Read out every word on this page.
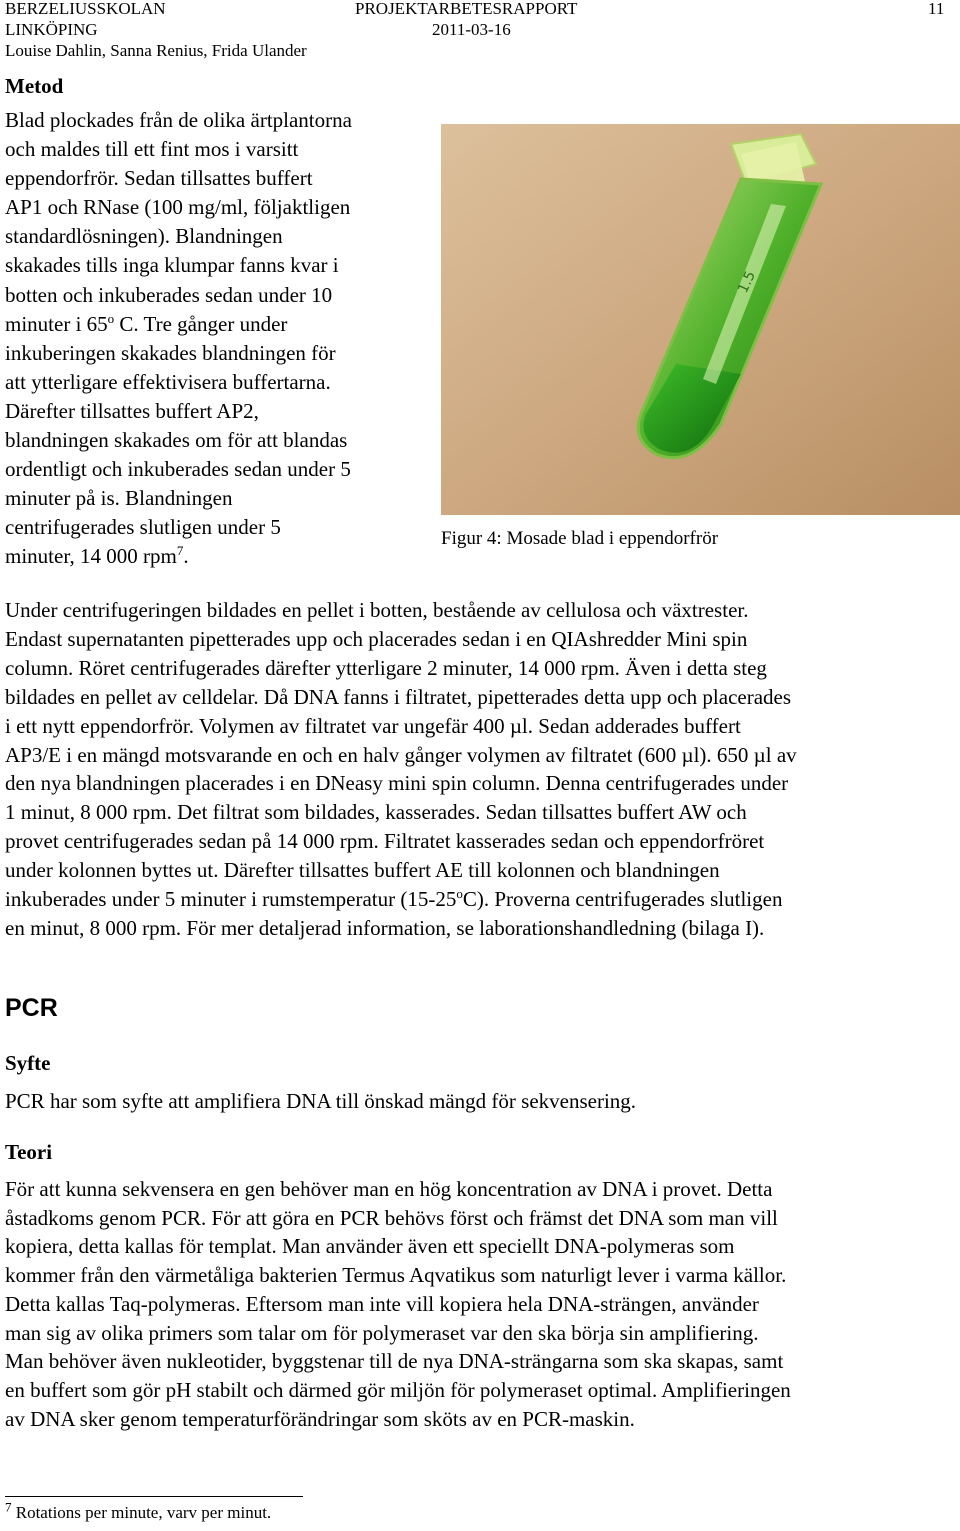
BERZELIUSSKOLAN
LINKÖPING
Louise Dahlin, Sanna Renius, Frida Ulander
PROJEKTARBETESRAPPORT
2011-03-16
11
Metod
Blad plockades från de olika ärtplantorna
och maldes till ett fint mos i varsitt
eppendorfrör. Sedan tillsattes buffert
AP1 och RNase (100 mg/ml, följaktligen
standardlösningen). Blandningen
skakades tills inga klumpar fanns kvar i
botten och inkuberades sedan under 10
minuter i 65$^o$ C. Tre gånger under
inkuberingen skakades blandningen för
att ytterligare effektivisera buffertarna.
Därefter tillsattes buffert AP2,
blandningen skakades om för att blandas
ordentligt och inkuberades sedan under 5
minuter på is. Blandningen
centrifugerades slutligen under 5
minuter, 14 000 rpm$^7$.
1.5
Figur 4: Mosade blad i eppendorfrör
Under centrifugeringen bildades en pellet i botten, bestående av cellulosa och växtrester.
Endast supernatanten pipetterades upp och placerades sedan i en QIAshredder Mini spin
column. Röret centrifugerades därefter ytterligare 2 minuter, 14 000 rpm. Även i detta steg
bildades en pellet av celldelar. Då DNA fanns i filtratet, pipetterades detta upp och placerades
i ett nytt eppendorfrör. Volymen av filtratet var ungefär 400 µl. Sedan adderades buffert
AP3/E i en mängd motsvarande en och en halv gånger volymen av filtratet (600 µl). 650 µl av
den nya blandningen placerades i en DNeasy mini spin column. Denna centrifugerades under
1 minut, 8 000 rpm. Det filtrat som bildades, kasserades. Sedan tillsattes buffert AW och
provet centrifugerades sedan på 14 000 rpm. Filtratet kasserades sedan och eppendorfröret
under kolonnen byttes ut. Därefter tillsattes buffert AE till kolonnen och blandningen
inkuberades under 5 minuter i rumstemperatur (15-25$^o$C). Proverna centrifugerades slutligen
en minut, 8 000 rpm. För mer detaljerad information, se laborationshandledning (bilaga I).
PCR
Syfte
PCR har som syfte att amplifiera DNA till önskad mängd för sekvensering.
Teori
För att kunna sekvensera en gen behöver man en hög koncentration av DNA i provet. Detta
åstadkoms genom PCR. För att göra en PCR behövs först och främst det DNA som man vill
kopiera, detta kallas för templat. Man använder även ett speciellt DNA-polymeras som
kommer från den värmetåliga bakterien Termus Aqvatikus som naturligt lever i varma källor.
Detta kallas Taq-polymeras. Eftersom man inte vill kopiera hela DNA-strängen, använder
man sig av olika primers som talar om för polymeraset var den ska börja sin amplifiering.
Man behöver även nukleotider, byggstenar till de nya DNA-strängarna som ska skapas, samt
en buffert som gör pH stabilt och därmed gör miljön för polymeraset optimal. Amplifieringen
av DNA sker genom temperaturförändringar som sköts av en PCR-maskin.
$^7$ Rotations per minute, varv per minut.
